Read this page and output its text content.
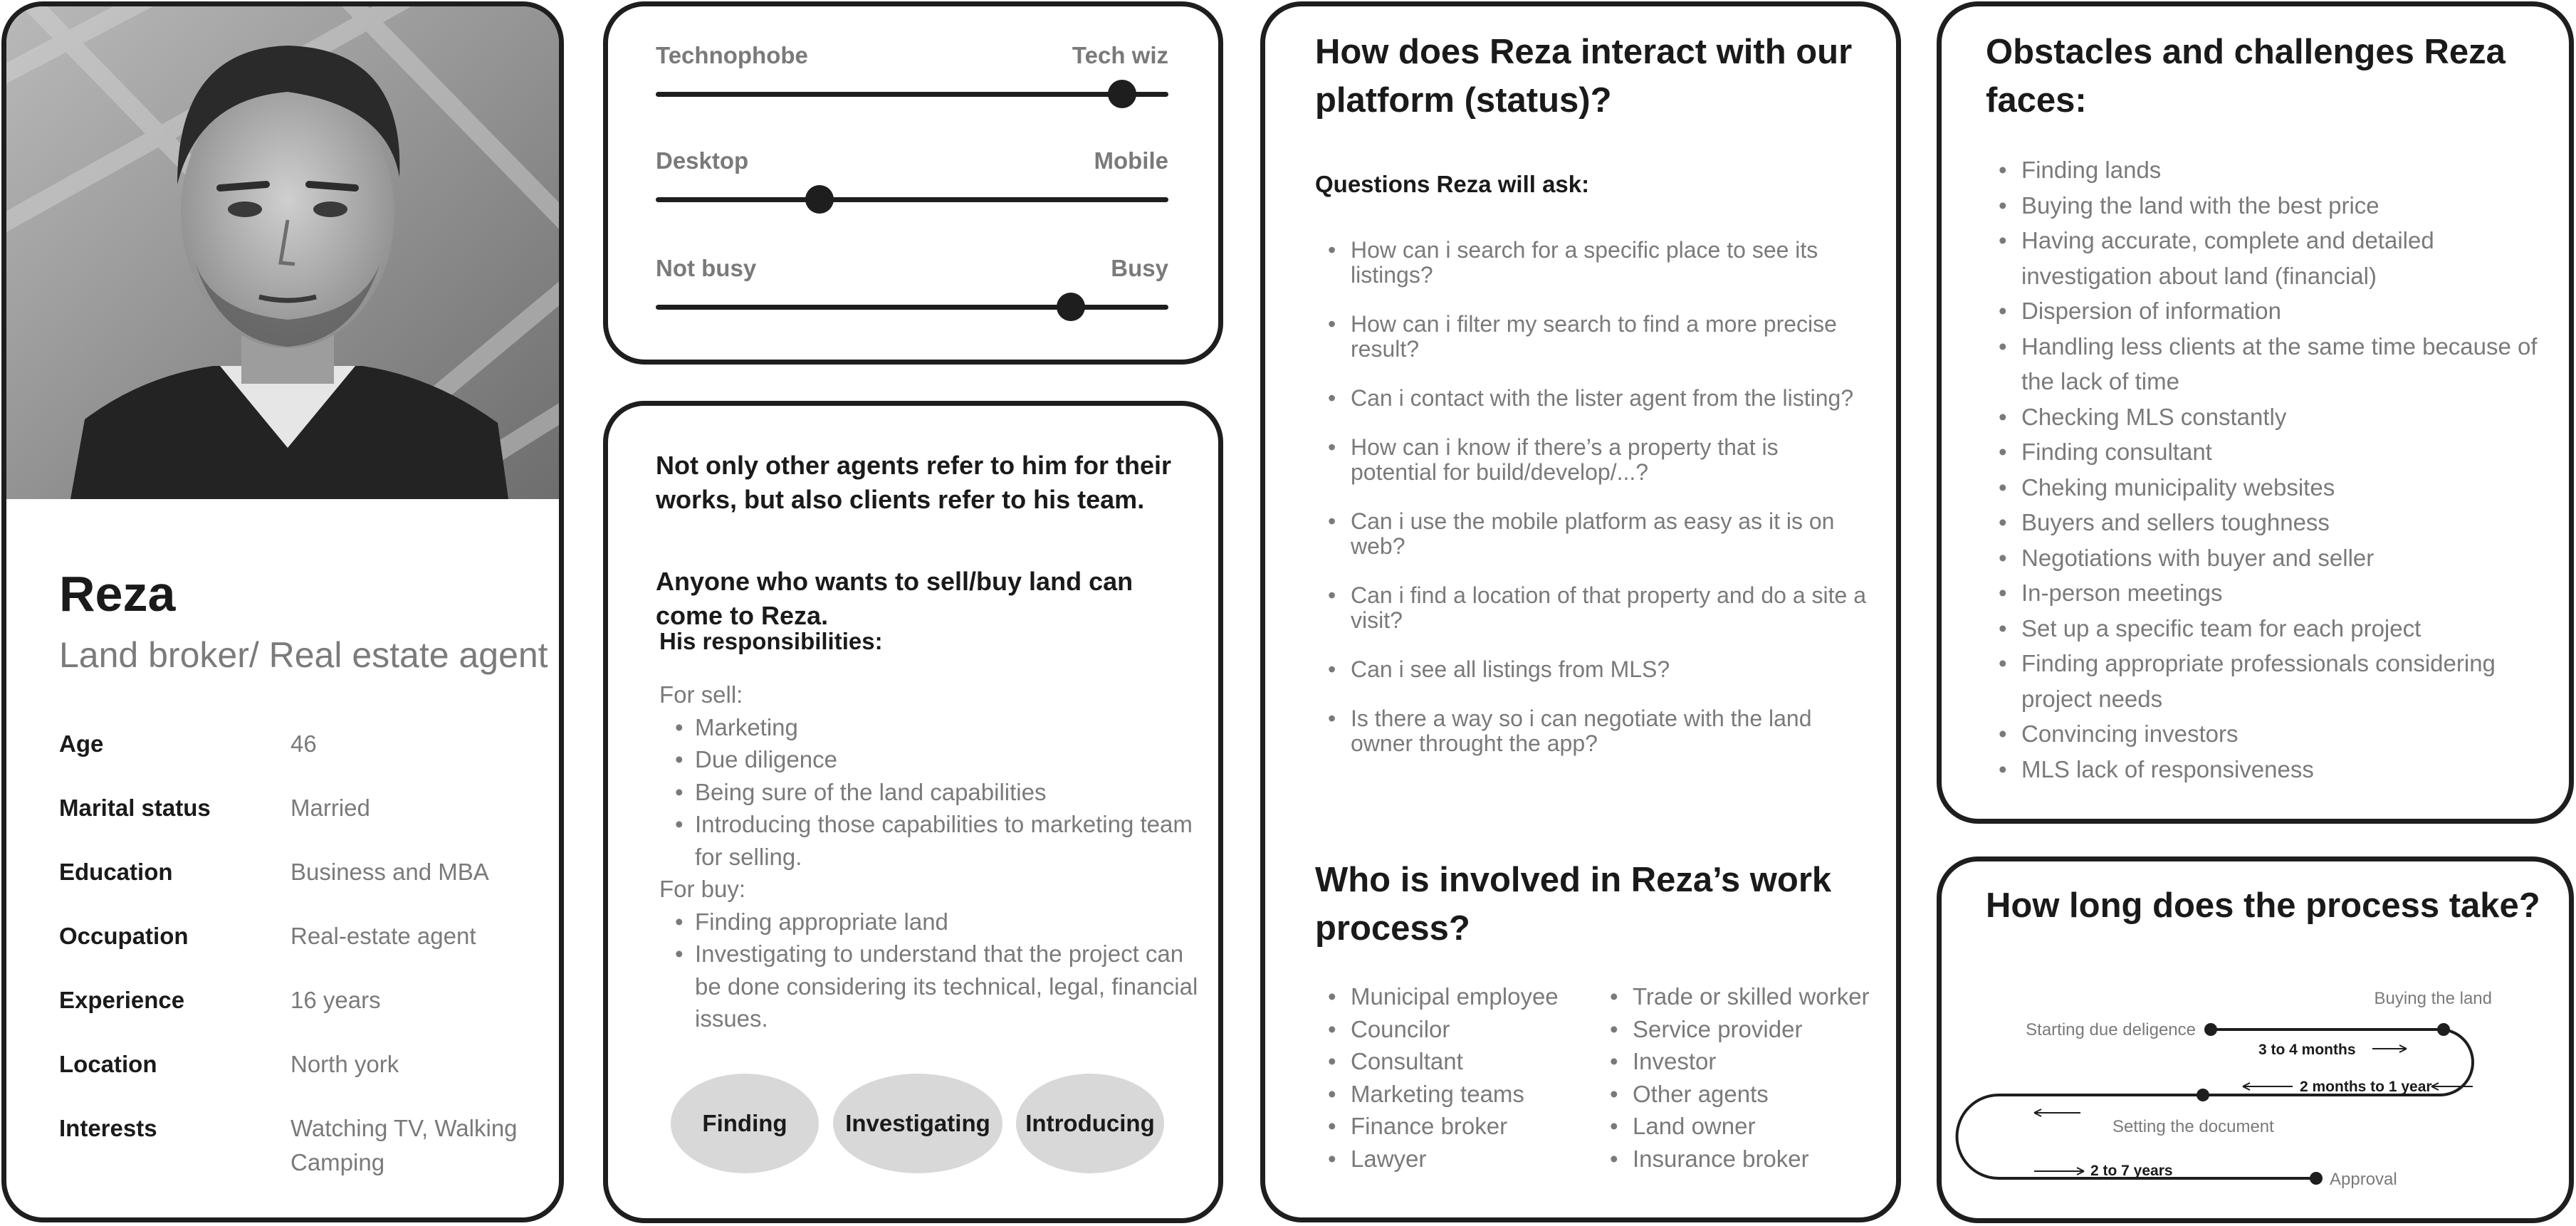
Reza
Land broker/ Real estate agent
Age	46
Marital status	Married
Education	Business and MBA
Occupation	Real-estate agent
Experience	16 years
Location	North york
Interests	Watching TV, Walking Camping
Technophobe	Tech wiz
Desktop	Mobile
Not busy	Busy
Not only other agents refer to him for their works, but also clients refer to his team.
Anyone who wants to sell/buy land can come to Reza.
His responsibilities:

For sell:

• Marketing
• Due diligence
• Being sure of the land capabilities
• Introducing those capabilities to marketing team for selling.

For buy:

• Finding appropriate land
• Investigating to understand that the project can be done considering its technical, legal, financial issues.
Finding	Investigating	Introducing
How does Reza interact with our platform (status)?
Questions Reza will ask:
• How can i search for a specific place to see its listings?
• How can i filter my search to find a more precise result?
• Can i contact with the lister agent from the listing?
• How can i know if there’s a property that is potential for build/develop/...?
• Can i use the mobile platform as easy as it is on web?
• Can i find a location of that property and do a site a visit?
• Can i see all listings from MLS?
• Is there a way so i can negotiate with the land owner throught the app?
Who is involved in Reza’s work process?
• Municipal employee
• Councilor
• Consultant
• Marketing teams
• Finance broker
• Lawyer
• Trade or skilled worker
• Service provider
• Investor
• Other agents
• Land owner
• Insurance broker
Obstacles and challenges Reza faces:
• Finding lands
• Buying the land with the best price
• Having accurate, complete and detailed investigation about land (financial)
• Dispersion of information
• Handling less clients at the same time because of the lack of time
• Checking MLS constantly
• Finding consultant
• Cheking municipality websites
• Buyers and sellers toughness
• Negotiations with buyer and seller
• In-person meetings
• Set up a specific team for each project
• Finding appropriate professionals considering project needs
• Convincing investors
• MLS lack of responsiveness
How long does the process take?
Starting due deligence
Buying the land
Setting the document
Approval
3 to 4 months
2 months to 1 year
2 to 7 years
